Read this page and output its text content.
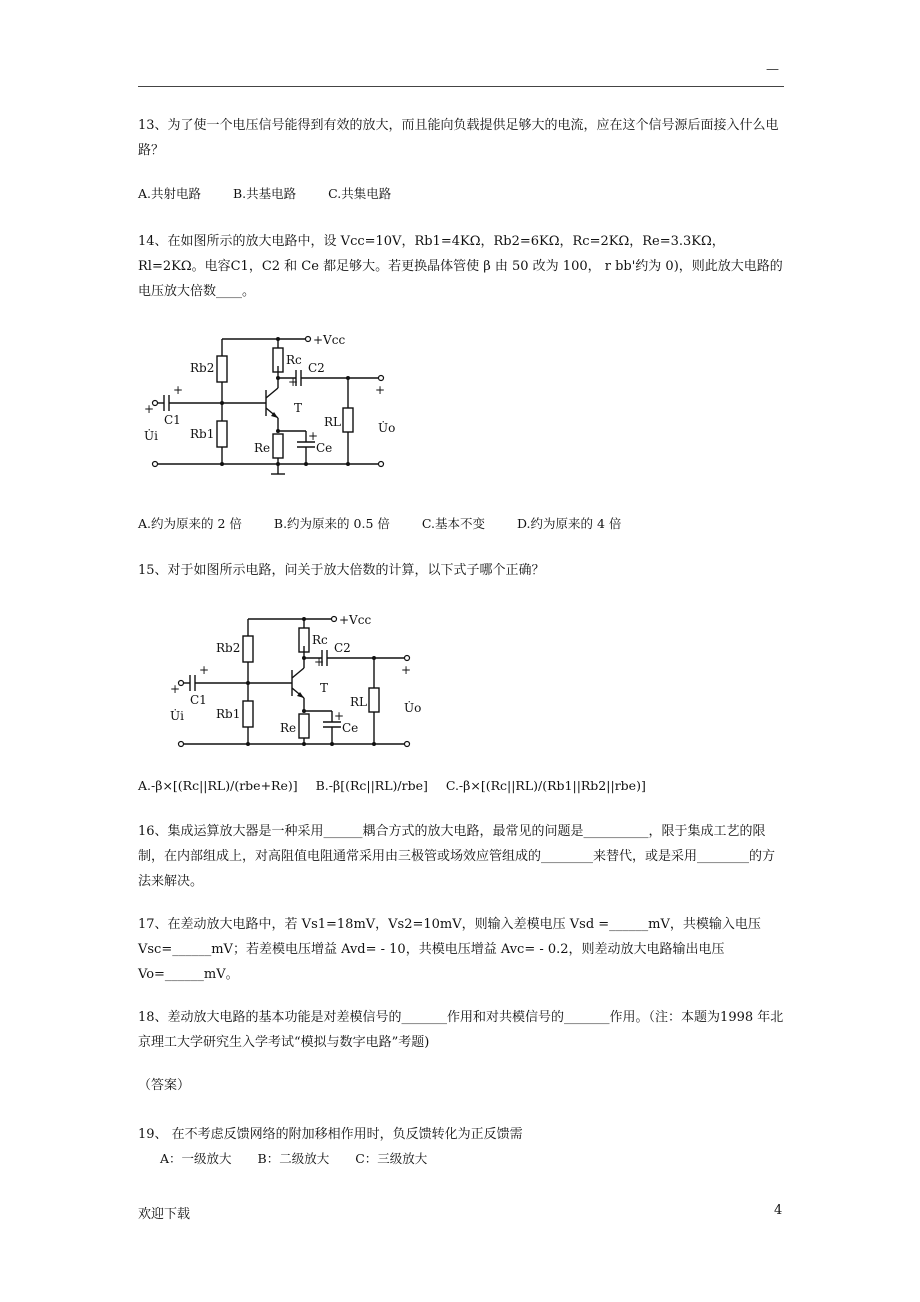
—

13、为了使一个电压信号能得到有效的放大，而且能向负载提供足够大的电流，应在这个信号源后面接入什么电路？

A.共射电路	B.共基电路	C.共集电路

14、在如图所示的放大电路中，设 Vcc=10V，Rb1=4KΩ，Rb2=6KΩ，Rc=2KΩ，Re=3.3KΩ，Rl=2KΩ。电容C1，C2 和 Ce 都足够大。若更换晶体管使 β 由 50 改为 100， r bb'约为 0)，则此放大电路的电压放大倍数____。

+Vcc
Rb2
Rb1
Rc
C2
C1
T
RL
Re	Ce
U̇i
U̇o
+
+
+
+
+
A.约为原来的 2 倍	B.约为原来的 0.5 倍	C.基本不变	D.约为原来的 4 倍

15、对于如图所示电路，问关于放大倍数的计算，以下式子哪个正确？

+Vcc
Rb2
Rb1
Rc
C2
C1
T
RL
Re	Ce
U̇i
U̇o
+
+
+
+
+
A.-β×[(Rc||RL)/(rbe+Re)] B.-β[(Rc||RL)/rbe] C.-β×[(Rc||RL)/(Rb1||Rb2||rbe)]

16、集成运算放大器是一种采用______耦合方式的放大电路，最常见的问题是__________，限于集成工艺的限制，在内部组成上，对高阻值电阻通常采用由三极管或场效应管组成的________来替代，或是采用________的方法来解决。

17、在差动放大电路中，若 Vs1=18mV，Vs2=10mV，则输入差模电压 Vsd =______mV，共模输入电压Vsc=______mV；若差模电压增益 Avd= - 10，共模电压增益 Avc= - 0.2，则差动放大电路输出电压Vo=______mV。

18、差动放大电路的基本功能是对差模信号的_______作用和对共模信号的_______作用。（注：本题为1998 年北京理工大学研究生入学考试“模拟与数字电路”考题)

（答案）

19、 在不考虑反馈网络的附加移相作用时，负反馈转化为正反馈需

A：一级放大 B：二级放大 C：三级放大
欢迎下载	4
